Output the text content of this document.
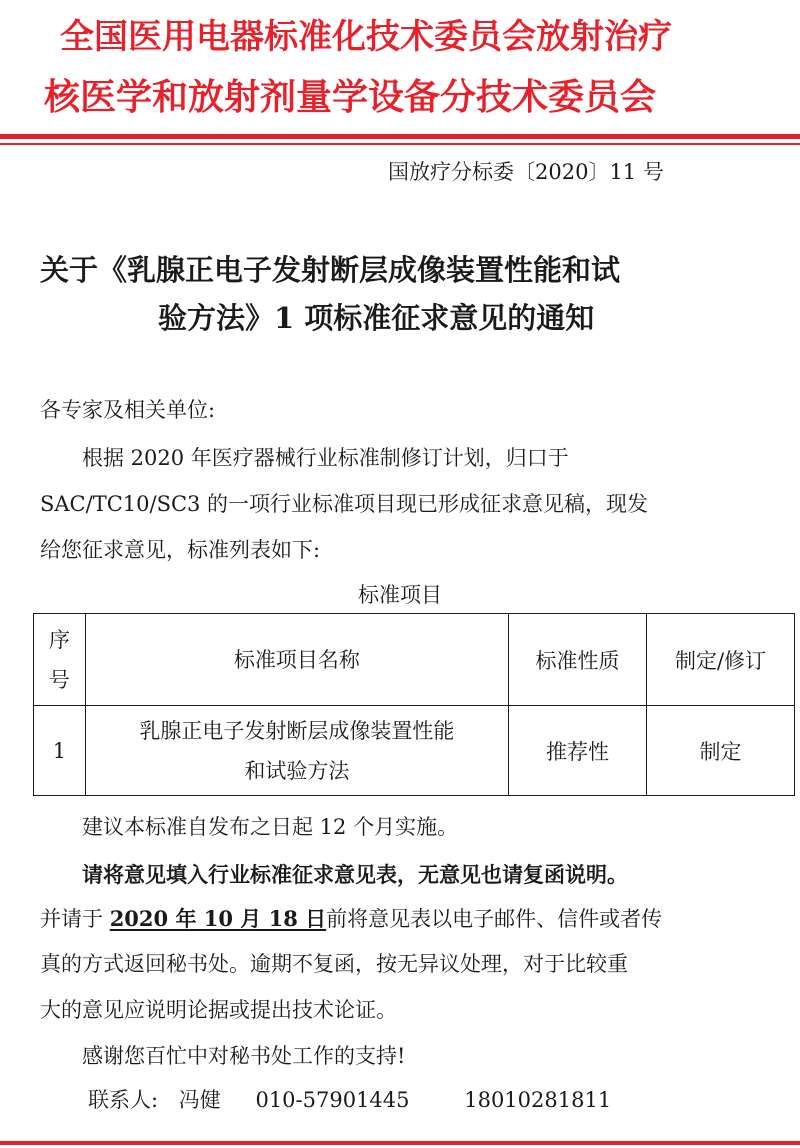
全国医用电器标准化技术委员会放射治疗
核医学和放射剂量学设备分技术委员会
国放疗分标委〔2020〕11 号
关于《乳腺正电子发射断层成像装置性能和试
验方法》1 项标准征求意见的通知
各专家及相关单位:
根据 2020 年医疗器械行业标准制修订计划，归口于
SAC/TC10/SC3 的一项行业标准项目现已形成征求意见稿，现发
给您征求意见，标准列表如下:
标准项目
序
号	标准项目名称	标准性质	制定/修订
1	乳腺正电子发射断层成像装置性能
和试验方法	推荐性	制定
建议本标准自发布之日起 12 个月实施。
请将意见填入行业标准征求意见表，无意见也请复函说明。
并请于 2020 年 10 月 18 日前将意见表以电子邮件、信件或者传
真的方式返回秘书处。逾期不复函，按无异议处理，对于比较重
大的意见应说明论据或提出技术论证。
感谢您百忙中对秘书处工作的支持!
联系人: 冯健 010-57901445	18010281811
